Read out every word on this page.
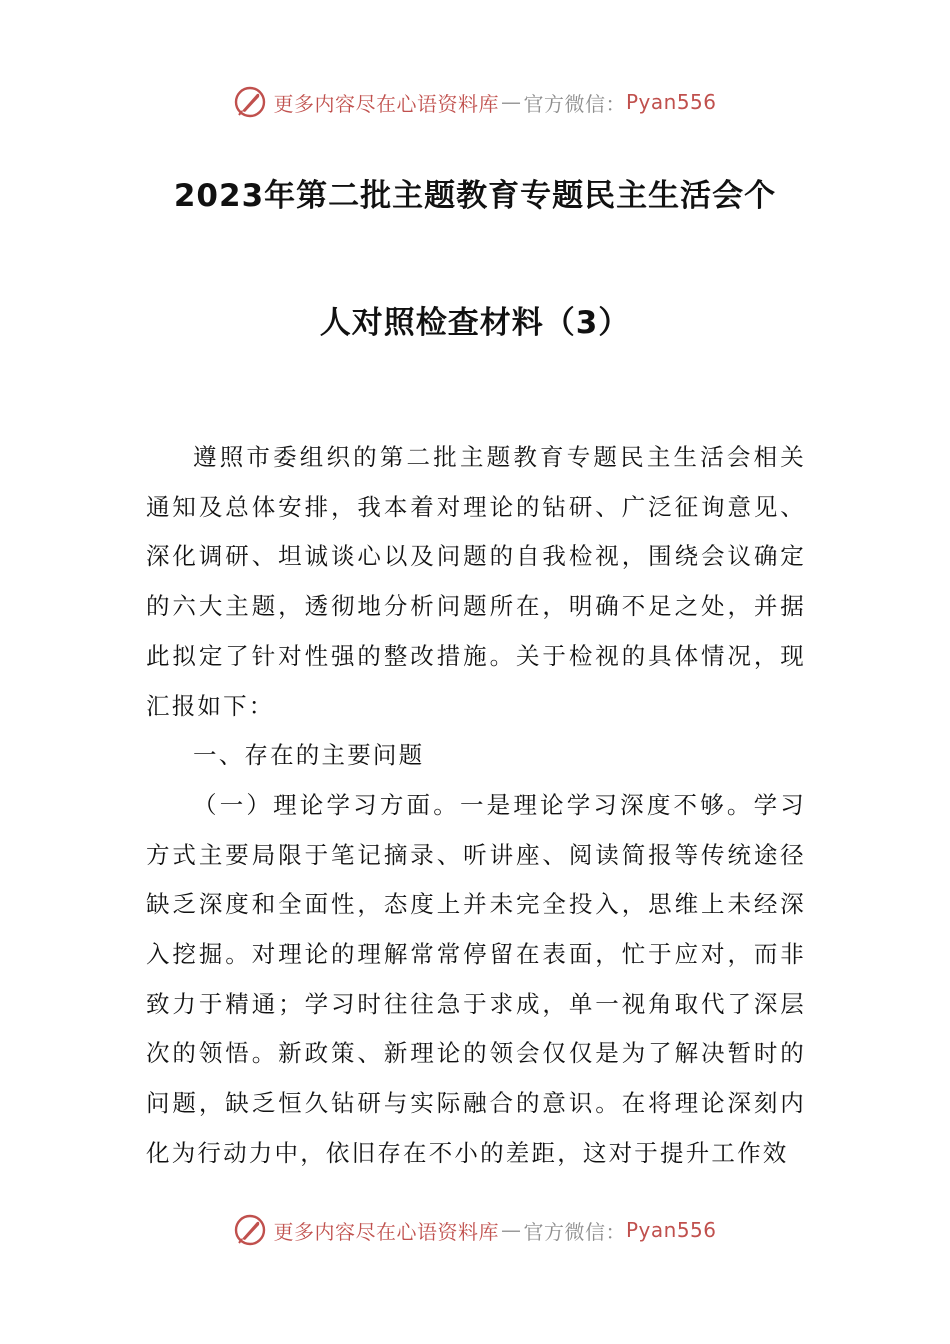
更多内容尽在心语资料库 — 官方微信： Pyan556
2023年第二批主题教育专题民主生活会个
人对照检查材料（3）

遵照市委组织的第二批主题教育专题民主生活会相关通知及总体安排，我本着对理论的钻研、广泛征询意见、深化调研、坦诚谈心以及问题的自我检视，围绕会议确定的六大主题，透彻地分析问题所在，明确不足之处，并据此拟定了针对性强的整改措施。关于检视的具体情况，现汇报如下：

一、存在的主要问题

（一）理论学习方面。一是理论学习深度不够。学习方式主要局限于笔记摘录、听讲座、阅读简报等传统途径缺乏深度和全面性，态度上并未完全投入，思维上未经深入挖掘。对理论的理解常常停留在表面，忙于应对，而非致力于精通；学习时往往急于求成，单一视角取代了深层次的领悟。新政策、新理论的领会仅仅是为了解决暂时的问题，缺乏恒久钻研与实际融合的意识。在将理论深刻内化为行动力中，依旧存在不小的差距，这对于提升工作效

更多内容尽在心语资料库 — 官方微信： Pyan556
